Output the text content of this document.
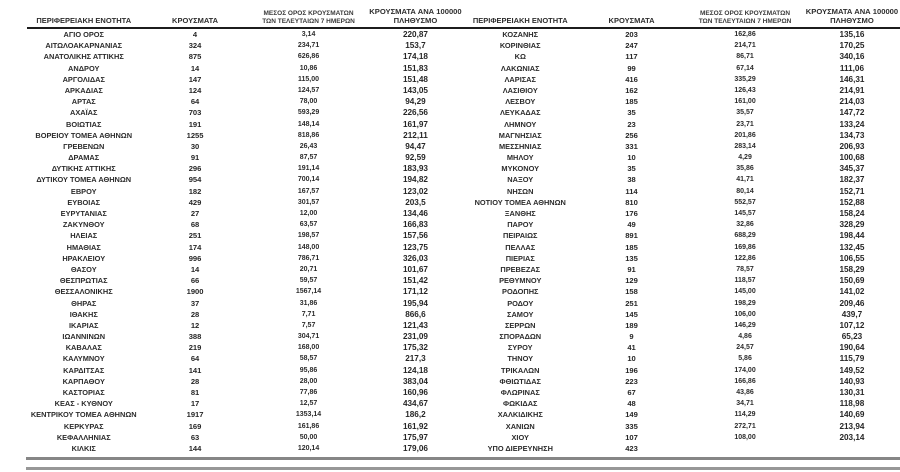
ΠΕΡΙΦΕΡΕΙΑΚΗ ΕΝΟΤΗΤΑ	ΚΡΟΥΣΜΑΤΑ
ΜΕΣΟΣ ΟΡΟΣ ΚΡΟΥΣΜΑΤΩΝ
ΤΩΝ ΤΕΛΕΥΤΑΙΩΝ 7 ΗΜΕΡΩΝ
ΚΡΟΥΣΜΑΤΑ ΑΝΑ 100000
ΠΛΗΘΥΣΜΟ	ΠΕΡΙΦΕΡΕΙΑΚΗ ΕΝΟΤΗΤΑ	ΚΡΟΥΣΜΑΤΑ
ΜΕΣΟΣ ΟΡΟΣ ΚΡΟΥΣΜΑΤΩΝ
ΤΩΝ ΤΕΛΕΥΤΑΙΩΝ 7 ΗΜΕΡΩΝ
ΚΡΟΥΣΜΑΤΑ ΑΝΑ 100000
ΠΛΗΘΥΣΜΟ
ΑΓΙΟ ΟΡΟΣ	4	3,14	220,87
ΑΙΤΩΛΟΑΚΑΡΝΑΝΙΑΣ	324	234,71	153,7
ΑΝΑΤΟΛΙΚΗΣ ΑΤΤΙΚΗΣ	875	626,86	174,18
ΑΝΔΡΟΥ	14	10,86	151,83
ΑΡΓΟΛΙΔΑΣ	147	115,00	151,48
ΑΡΚΑΔΙΑΣ	124	124,57	143,05
ΑΡΤΑΣ	64	78,00	94,29
ΑΧΑΪΑΣ	703	593,29	226,56
ΒΟΙΩΤΙΑΣ	191	148,14	161,97
ΒΟΡΕΙΟΥ ΤΟΜΕΑ ΑΘΗΝΩΝ	1255	818,86	212,11
ΓΡΕΒΕΝΩΝ	30	26,43	94,47
ΔΡΑΜΑΣ	91	87,57	92,59
ΔΥΤΙΚΗΣ ΑΤΤΙΚΗΣ	296	191,14	183,93
ΔΥΤΙΚΟΥ ΤΟΜΕΑ ΑΘΗΝΩΝ	954	700,14	194,82
ΕΒΡΟΥ	182	167,57	123,02
ΕΥΒΟΙΑΣ	429	301,57	203,5
ΕΥΡΥΤΑΝΙΑΣ	27	12,00	134,46
ΖΑΚΥΝΘΟΥ	68	63,57	166,83
ΗΛΕΙΑΣ	251	198,57	157,56
ΗΜΑΘΙΑΣ	174	148,00	123,75
ΗΡΑΚΛΕΙΟΥ	996	786,71	326,03
ΘΑΣΟΥ	14	20,71	101,67
ΘΕΣΠΡΩΤΙΑΣ	66	59,57	151,42
ΘΕΣΣΑΛΟΝΙΚΗΣ	1900	1567,14	171,12
ΘΗΡΑΣ	37	31,86	195,94
ΙΘΑΚΗΣ	28	7,71	866,6
ΙΚΑΡΙΑΣ	12	7,57	121,43
ΙΩΑΝΝΙΝΩΝ	388	304,71	231,09
ΚΑΒΑΛΑΣ	219	168,00	175,32
ΚΑΛΥΜΝΟΥ	64	58,57	217,3
ΚΑΡΔΙΤΣΑΣ	141	95,86	124,18
ΚΑΡΠΑΘΟΥ	28	28,00	383,04
ΚΑΣΤΟΡΙΑΣ	81	77,86	160,96
ΚΕΑΣ - ΚΥΘΝΟΥ	17	12,57	434,67
ΚΕΝΤΡΙΚΟΥ ΤΟΜΕΑ ΑΘΗΝΩΝ	1917	1353,14	186,2
ΚΕΡΚΥΡΑΣ	169	161,86	161,92
ΚΕΦΑΛΛΗΝΙΑΣ	63	50,00	175,97
ΚΙΛΚΙΣ	144	120,14	179,06
ΚΟΖΑΝΗΣ	203	162,86	135,16
ΚΟΡΙΝΘΙΑΣ	247	214,71	170,25
ΚΩ	117	86,71	340,16
ΛΑΚΩΝΙΑΣ	99	67,14	111,06
ΛΑΡΙΣΑΣ	416	335,29	146,31
ΛΑΣΙΘΙΟΥ	162	126,43	214,91
ΛΕΣΒΟΥ	185	161,00	214,03
ΛΕΥΚΑΔΑΣ	35	35,57	147,72
ΛΗΜΝΟΥ	23	23,71	133,24
ΜΑΓΝΗΣΙΑΣ	256	201,86	134,73
ΜΕΣΣΗΝΙΑΣ	331	283,14	206,93
ΜΗΛΟΥ	10	4,29	100,68
ΜΥΚΟΝΟΥ	35	35,86	345,37
ΝΑΞΟΥ	38	41,71	182,37
ΝΗΣΩΝ	114	80,14	152,71
ΝΟΤΙΟΥ ΤΟΜΕΑ ΑΘΗΝΩΝ	810	552,57	152,88
ΞΑΝΘΗΣ	176	145,57	158,24
ΠΑΡΟΥ	49	32,86	328,29
ΠΕΙΡΑΙΩΣ	891	688,29	198,44
ΠΕΛΛΑΣ	185	169,86	132,45
ΠΙΕΡΙΑΣ	135	122,86	106,55
ΠΡΕΒΕΖΑΣ	91	78,57	158,29
ΡΕΘΥΜΝΟΥ	129	118,57	150,69
ΡΟΔΟΠΗΣ	158	145,00	141,02
ΡΟΔΟΥ	251	198,29	209,46
ΣΑΜΟΥ	145	106,00	439,7
ΣΕΡΡΩΝ	189	146,29	107,12
ΣΠΟΡΑΔΩΝ	9	4,86	65,23
ΣΥΡΟΥ	41	24,57	190,64
ΤΗΝΟΥ	10	5,86	115,79
ΤΡΙΚΑΛΩΝ	196	174,00	149,52
ΦΘΙΩΤΙΔΑΣ	223	166,86	140,93
ΦΛΩΡΙΝΑΣ	67	43,86	130,31
ΦΩΚΙΔΑΣ	48	34,71	118,98
ΧΑΛΚΙΔΙΚΗΣ	149	114,29	140,69
ΧΑΝΙΩΝ	335	272,71	213,94
ΧΙΟΥ	107	108,00	203,14
ΥΠΟ ΔΙΕΡΕΥΝΗΣΗ	423
